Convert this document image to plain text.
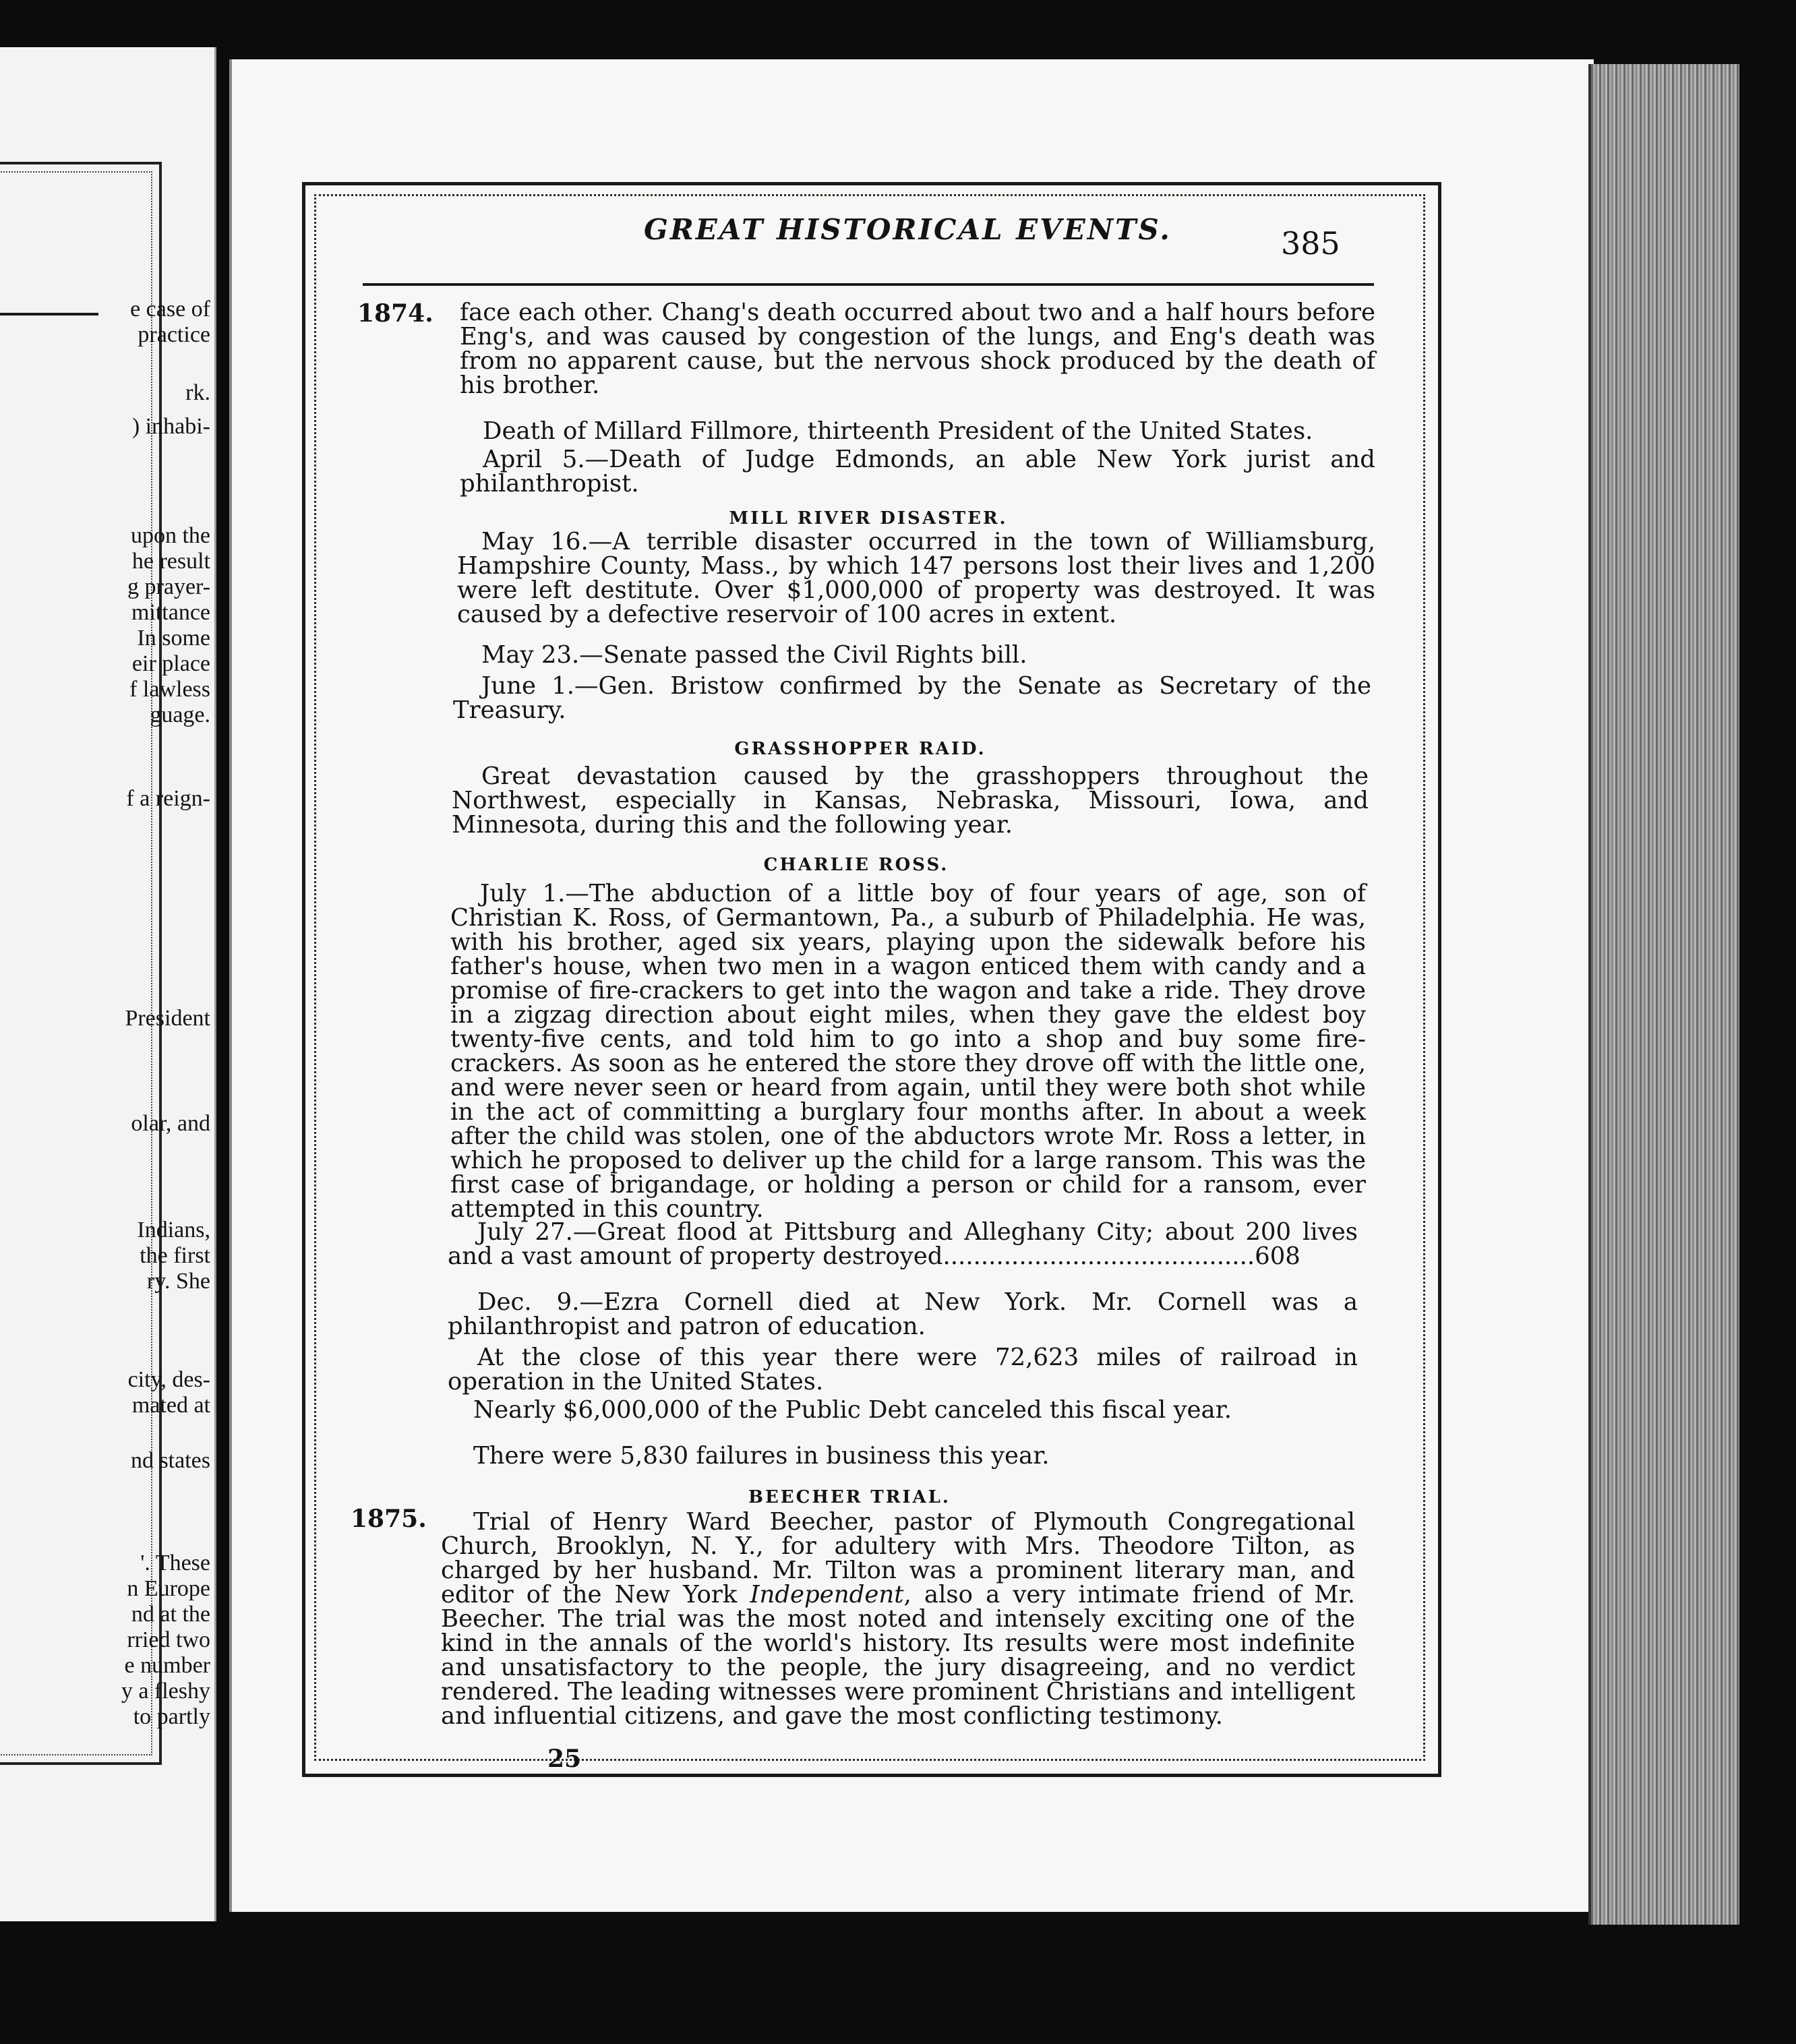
e case of
practice
rk.
) inhabi-
upon the
he result
g prayer-
mittance
In some
eir place
f lawless
guage.
f a reign-
President
olar, and
Indians,
the first
ry. She
city, des-
mated at
nd states
'. These
n Europe
nd at the
rried two
e number
y a fleshy
to partly
GREAT HISTORICAL EVENTS.	385
1874. face each other. Chang's death occurred about two and a half hours before Eng's, and was caused by congestion of the lungs, and Eng's death was from no apparent cause, but the nervous shock produced by the death of his brother.

Death of Millard Fillmore, thirteenth President of the United States.

April 5.—Death of Judge Edmonds, an able New York jurist and philanthropist.

MILL RIVER DISASTER.

May 16.—A terrible disaster occurred in the town of Williamsburg, Hampshire County, Mass., by which 147 persons lost their lives and 1,200 were left destitute. Over $1,000,000 of property was destroyed. It was caused by a defective reservoir of 100 acres in extent.

May 23.—Senate passed the Civil Rights bill.

June 1.—Gen. Bristow confirmed by the Senate as Secretary of the Treasury.

GRASSHOPPER RAID.

Great devastation caused by the grasshoppers throughout the Northwest, especially in Kansas, Nebraska, Missouri, Iowa, and Minnesota, during this and the following year.

CHARLIE ROSS.

July 1.—The abduction of a little boy of four years of age, son of Christian K. Ross, of Germantown, Pa., a suburb of Philadelphia. He was, with his brother, aged six years, playing upon the sidewalk before his father's house, when two men in a wagon enticed them with candy and a promise of fire-crackers to get into the wagon and take a ride. They drove in a zigzag direction about eight miles, when they gave the eldest boy twenty-five cents, and told him to go into a shop and buy some fire-crackers. As soon as he entered the store they drove off with the little one, and were never seen or heard from again, until they were both shot while in the act of committing a burglary four months after. In about a week after the child was stolen, one of the abductors wrote Mr. Ross a letter, in which he proposed to deliver up the child for a large ransom. This was the first case of brigandage, or holding a person or child for a ransom, ever attempted in this country.

July 27.—Great flood at Pittsburg and Alleghany City; about 200 lives and a vast amount of property destroyed.........................................608

Dec. 9.—Ezra Cornell died at New York. Mr. Cornell was a philanthropist and patron of education.

At the close of this year there were 72,623 miles of railroad in operation in the United States.

Nearly $6,000,000 of the Public Debt canceled this fiscal year.

There were 5,830 failures in business this year.

BEECHER TRIAL.
1875.	Trial of Henry Ward Beecher, pastor of Plymouth Congregational Church, Brooklyn, N. Y., for adultery with Mrs. Theodore Tilton, as charged by her husband. Mr. Tilton was a prominent literary man, and editor of the New York Independent, also a very intimate friend of Mr. Beecher. The trial was the most noted and intensely exciting one of the kind in the annals of the world's history. Its results were most indefinite and unsatisfactory to the people, the jury disagreeing, and no verdict rendered. The leading witnesses were prominent Christians and intelligent and influential citizens, and gave the most conflicting testimony.

25
